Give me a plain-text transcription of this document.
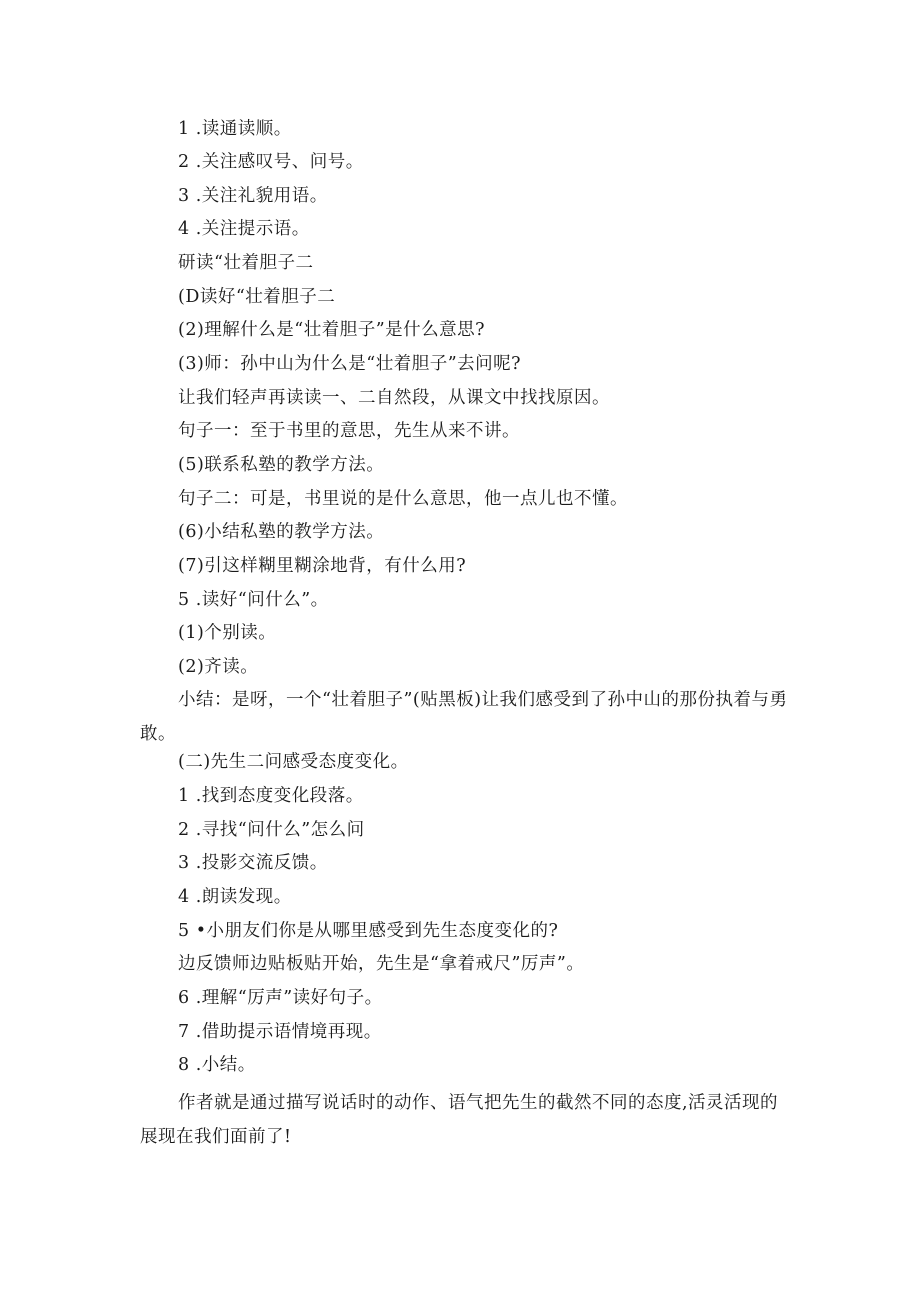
1 .读通读顺。
2 .关注感叹号、问号。
3 .关注礼貌用语。
4 .关注提示语。
研读“壮着胆子二
(D读好“壮着胆子二
(2)理解什么是“壮着胆子”是什么意思?
(3)师：孙中山为什么是“壮着胆子”去问呢?
让我们轻声再读读一、二自然段，从课文中找找原因。
句子一：至于书里的意思，先生从来不讲。
(5)联系私塾的教学方法。
句子二：可是，书里说的是什么意思，他一点儿也不懂。
(6)小结私塾的教学方法。
(7)引这样糊里糊涂地背，有什么用?
5 .读好“问什么”。
(1)个别读。
(2)齐读。
小结：是呀，一个“壮着胆子”(贴黑板)让我们感受到了孙中山的那份执着与勇敢。
(二)先生二问感受态度变化。
1 .找到态度变化段落。
2 .寻找“问什么”怎么问
3 .投影交流反馈。
4 .朗读发现。
5 •小朋友们你是从哪里感受到先生态度变化的?
边反馈师边贴板贴开始，先生是“拿着戒尺”厉声”。
6 .理解“厉声”读好句子。
7 .借助提示语情境再现。
8 .小结。
作者就是通过描写说话时的动作、语气把先生的截然不同的态度,活灵活现的展现在我们面前了!
